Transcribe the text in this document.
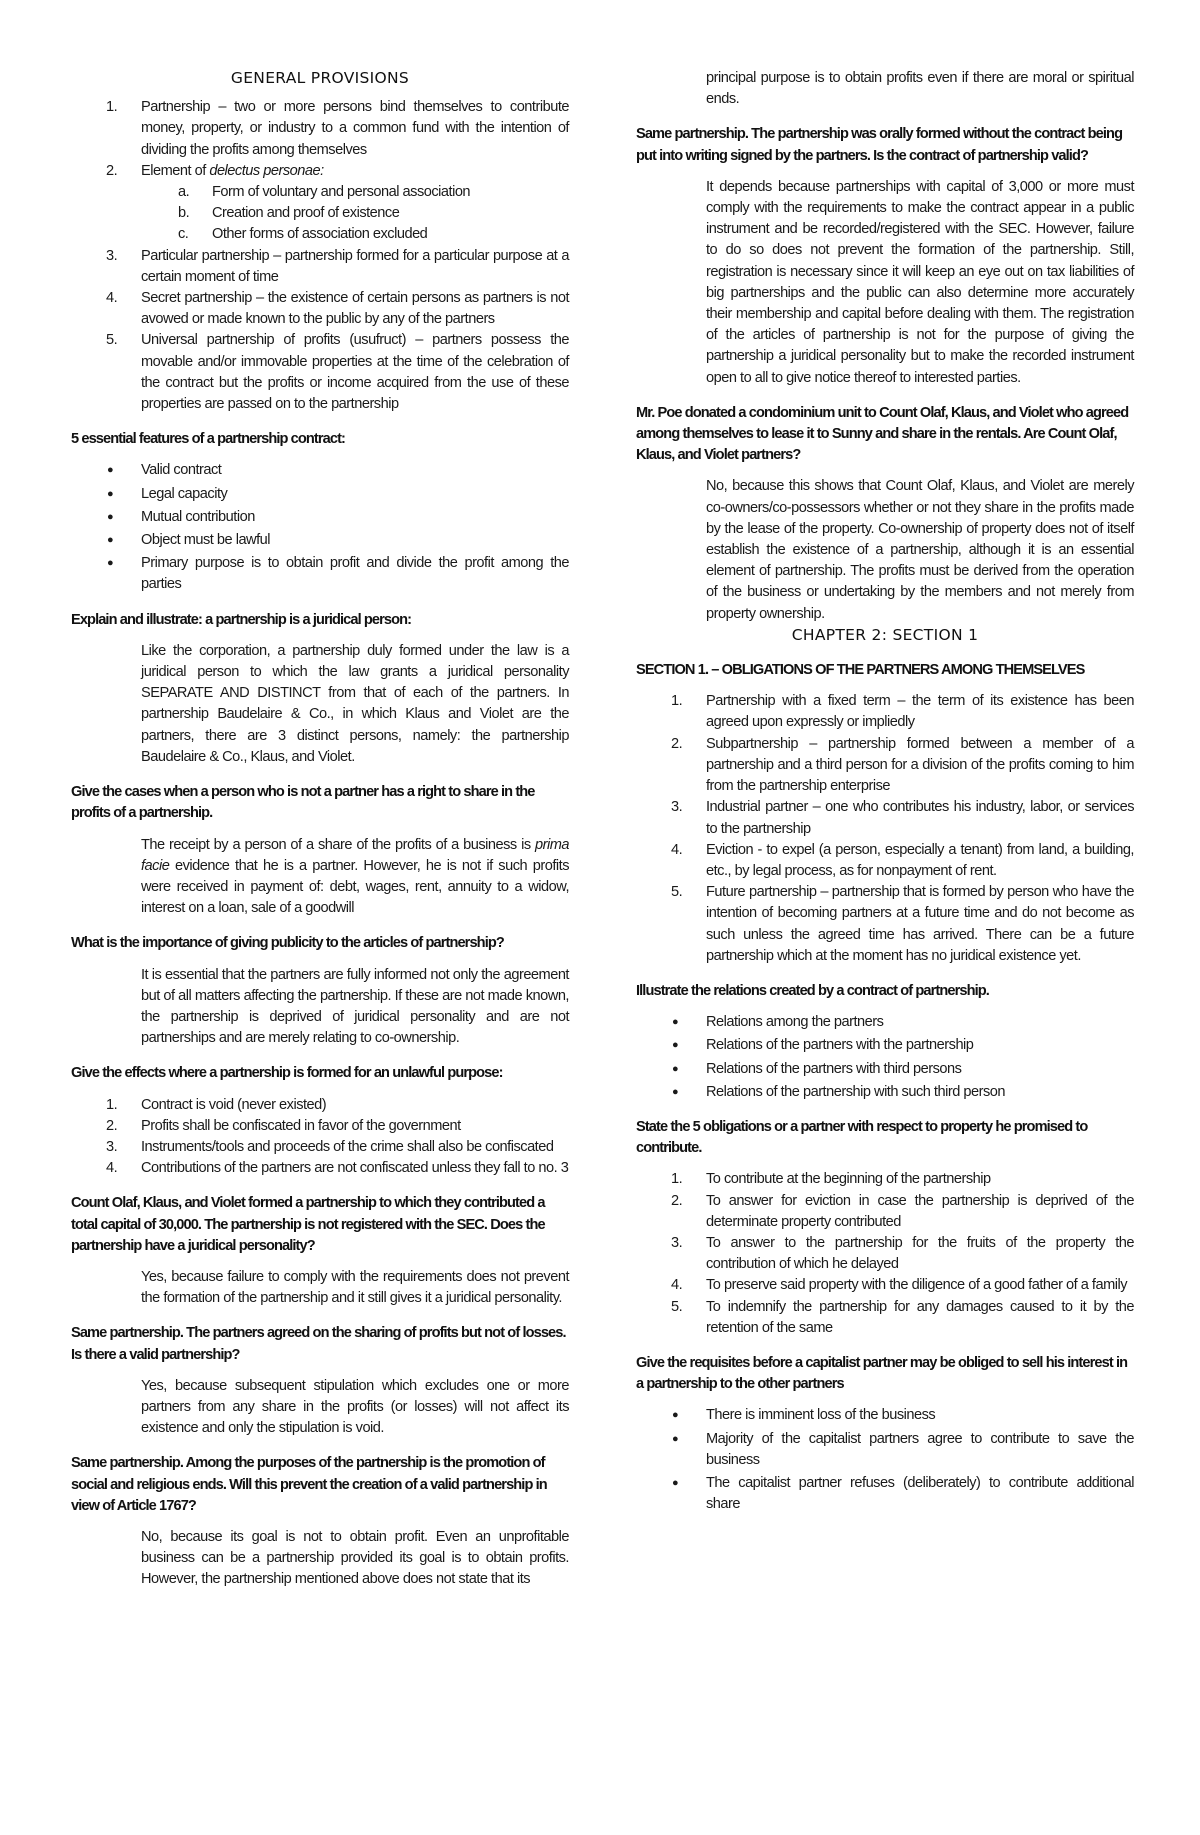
GENERAL PROVISIONS
1. Partnership – two or more persons bind themselves to contribute money, property, or industry to a common fund with the intention of dividing the profits among themselves
2. Element of delectus personae:
a. Form of voluntary and personal association
b. Creation and proof of existence
c. Other forms of association excluded
3. Particular partnership – partnership formed for a particular purpose at a certain moment of time
4. Secret partnership – the existence of certain persons as partners is not avowed or made known to the public by any of the partners
5. Universal partnership of profits (usufruct) – partners possess the movable and/or immovable properties at the time of the celebration of the contract but the profits or income acquired from the use of these properties are passed on to the partnership
5 essential features of a partnership contract:
● Valid contract
● Legal capacity
● Mutual contribution
● Object must be lawful
● Primary purpose is to obtain profit and divide the profit among the parties
Explain and illustrate: a partnership is a juridical person:
Like the corporation, a partnership duly formed under the law is a juridical person to which the law grants a juridical personality SEPARATE AND DISTINCT from that of each of the partners. In partnership Baudelaire & Co., in which Klaus and Violet are the partners, there are 3 distinct persons, namely: the partnership Baudelaire & Co., Klaus, and Violet.
Give the cases when a person who is not a partner has a right to share in the profits of a partnership.
The receipt by a person of a share of the profits of a business is prima facie evidence that he is a partner. However, he is not if such profits were received in payment of: debt, wages, rent, annuity to a widow, interest on a loan, sale of a goodwill
What is the importance of giving publicity to the articles of partnership?
It is essential that the partners are fully informed not only the agreement but of all matters affecting the partnership. If these are not made known, the partnership is deprived of juridical personality and are not partnerships and are merely relating to co-ownership.
Give the effects where a partnership is formed for an unlawful purpose:
1. Contract is void (never existed)
2. Profits shall be confiscated in favor of the government
3. Instruments/tools and proceeds of the crime shall also be confiscated
4. Contributions of the partners are not confiscated unless they fall to no. 3
Count Olaf, Klaus, and Violet formed a partnership to which they contributed a total capital of 30,000. The partnership is not registered with the SEC. Does the partnership have a juridical personality?
Yes, because failure to comply with the requirements does not prevent the formation of the partnership and it still gives it a juridical personality.
Same partnership. The partners agreed on the sharing of profits but not of losses. Is there a valid partnership?
Yes, because subsequent stipulation which excludes one or more partners from any share in the profits (or losses) will not affect its existence and only the stipulation is void.
Same partnership. Among the purposes of the partnership is the promotion of social and religious ends. Will this prevent the creation of a valid partnership in view of Article 1767?
No, because its goal is not to obtain profit. Even an unprofitable business can be a partnership provided its goal is to obtain profits. However, the partnership mentioned above does not state that its
principal purpose is to obtain profits even if there are moral or spiritual ends.
Same partnership. The partnership was orally formed without the contract being put into writing signed by the partners. Is the contract of partnership valid?
It depends because partnerships with capital of 3,000 or more must comply with the requirements to make the contract appear in a public instrument and be recorded/registered with the SEC. However, failure to do so does not prevent the formation of the partnership. Still, registration is necessary since it will keep an eye out on tax liabilities of big partnerships and the public can also determine more accurately their membership and capital before dealing with them. The registration of the articles of partnership is not for the purpose of giving the partnership a juridical personality but to make the recorded instrument open to all to give notice thereof to interested parties.
Mr. Poe donated a condominium unit to Count Olaf, Klaus, and Violet who agreed among themselves to lease it to Sunny and share in the rentals. Are Count Olaf, Klaus, and Violet partners?
No, because this shows that Count Olaf, Klaus, and Violet are merely co-owners/co-possessors whether or not they share in the profits made by the lease of the property. Co-ownership of property does not of itself establish the existence of a partnership, although it is an essential element of partnership. The profits must be derived from the operation of the business or undertaking by the members and not merely from property ownership.
CHAPTER 2: SECTION 1
SECTION 1. – OBLIGATIONS OF THE PARTNERS AMONG THEMSELVES
1. Partnership with a fixed term – the term of its existence has been agreed upon expressly or impliedly
2. Subpartnership – partnership formed between a member of a partnership and a third person for a division of the profits coming to him from the partnership enterprise
3. Industrial partner – one who contributes his industry, labor, or services to the partnership
4. Eviction - to expel (a person, especially a tenant) from land, a building, etc., by legal process, as for nonpayment of rent.
5. Future partnership – partnership that is formed by person who have the intention of becoming partners at a future time and do not become as such unless the agreed time has arrived. There can be a future partnership which at the moment has no juridical existence yet.
Illustrate the relations created by a contract of partnership.
● Relations among the partners
● Relations of the partners with the partnership
● Relations of the partners with third persons
● Relations of the partnership with such third person
State the 5 obligations or a partner with respect to property he promised to contribute.
1. To contribute at the beginning of the partnership
2. To answer for eviction in case the partnership is deprived of the determinate property contributed
3. To answer to the partnership for the fruits of the property the contribution of which he delayed
4. To preserve said property with the diligence of a good father of a family
5. To indemnify the partnership for any damages caused to it by the retention of the same
Give the requisites before a capitalist partner may be obliged to sell his interest in a partnership to the other partners
● There is imminent loss of the business
● Majority of the capitalist partners agree to contribute to save the business
● The capitalist partner refuses (deliberately) to contribute additional share
